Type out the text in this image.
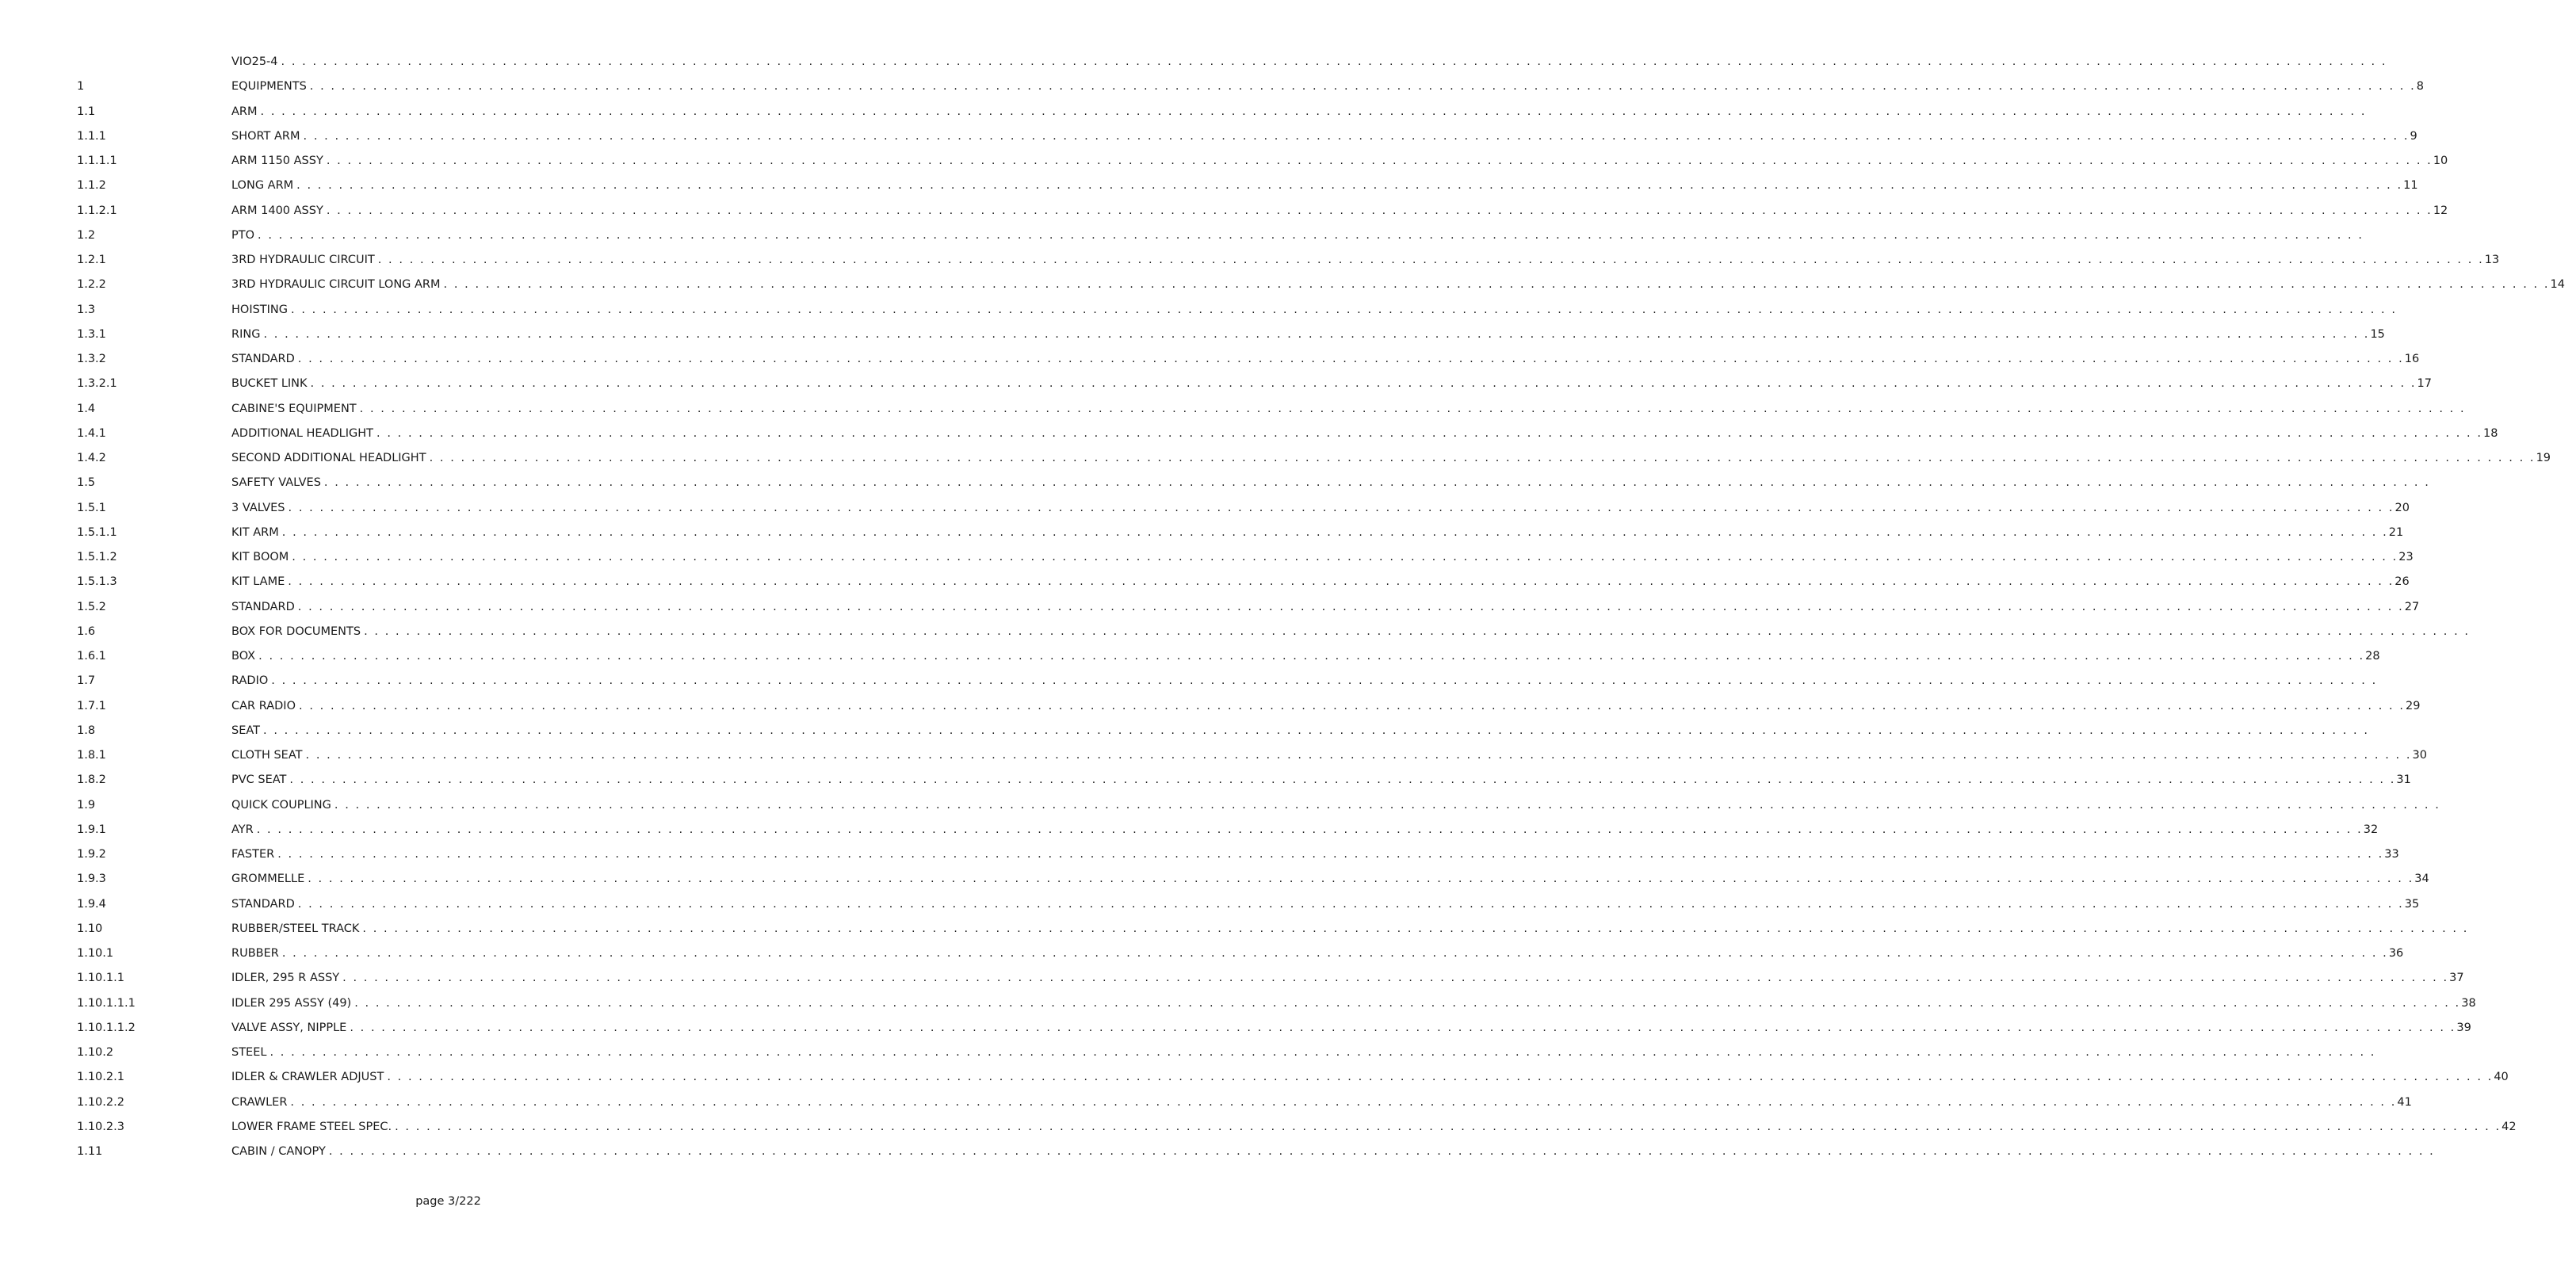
VIO25-4 . . . . . . . . . . . . . . . . . . . . . . . . . . . . . . . . . . . . . . . . . . . . . . . . . . . . . . . . . . . . . . . . . . . . . . . . . . . . . . . . . . . . . . . . . . . . . . . . . . . . . . . . . . . . . . . . . . . . . . . . . . . . . . . . . . . . . . . . . . . . . . . . . . . . . . . . . . . . . . . . . . . . . . . . . . . . . . . . . . . . . . . . . . . . . . . . . . . . . . . .
1	EQUIPMENTS . . . . . . . . . . . . . . . . . . . . . . . . . . . . . . . . . . . . . . . . . . . . . . . . . . . . . . . . . . . . . . . . . . . . . . . . . . . . . . . . . . . . . . . . . . . . . . . . . . . . . . . . . . . . . . . . . . . . . . . . . . . . . . . . . . . . . . . . . . . . . . . . . . . . . . . . . . . . . . . . . . . . . . . . . . . . . . . . . . . . . . . . . . . . . . . . . . . . . . . . 8
1.1	ARM . . . . . . . . . . . . . . . . . . . . . . . . . . . . . . . . . . . . . . . . . . . . . . . . . . . . . . . . . . . . . . . . . . . . . . . . . . . . . . . . . . . . . . . . . . . . . . . . . . . . . . . . . . . . . . . . . . . . . . . . . . . . . . . . . . . . . . . . . . . . . . . . . . . . . . . . . . . . . . . . . . . . . . . . . . . . . . . . . . . . . . . . . . . . . . . . . . . . . . . .
1.1.1	SHORT ARM . . . . . . . . . . . . . . . . . . . . . . . . . . . . . . . . . . . . . . . . . . . . . . . . . . . . . . . . . . . . . . . . . . . . . . . . . . . . . . . . . . . . . . . . . . . . . . . . . . . . . . . . . . . . . . . . . . . . . . . . . . . . . . . . . . . . . . . . . . . . . . . . . . . . . . . . . . . . . . . . . . . . . . . . . . . . . . . . . . . . . . . . . . . . . . . . . . . . . . . . 9
1.1.1.1	ARM 1150 ASSY . . . . . . . . . . . . . . . . . . . . . . . . . . . . . . . . . . . . . . . . . . . . . . . . . . . . . . . . . . . . . . . . . . . . . . . . . . . . . . . . . . . . . . . . . . . . . . . . . . . . . . . . . . . . . . . . . . . . . . . . . . . . . . . . . . . . . . . . . . . . . . . . . . . . . . . . . . . . . . . . . . . . . . . . . . . . . . . . . . . . . . . . . . . . . . . . . . . . . . . . 10
1.1.2	LONG ARM . . . . . . . . . . . . . . . . . . . . . . . . . . . . . . . . . . . . . . . . . . . . . . . . . . . . . . . . . . . . . . . . . . . . . . . . . . . . . . . . . . . . . . . . . . . . . . . . . . . . . . . . . . . . . . . . . . . . . . . . . . . . . . . . . . . . . . . . . . . . . . . . . . . . . . . . . . . . . . . . . . . . . . . . . . . . . . . . . . . . . . . . . . . . . . . . . . . . . . . . 11
1.1.2.1	ARM 1400 ASSY . . . . . . . . . . . . . . . . . . . . . . . . . . . . . . . . . . . . . . . . . . . . . . . . . . . . . . . . . . . . . . . . . . . . . . . . . . . . . . . . . . . . . . . . . . . . . . . . . . . . . . . . . . . . . . . . . . . . . . . . . . . . . . . . . . . . . . . . . . . . . . . . . . . . . . . . . . . . . . . . . . . . . . . . . . . . . . . . . . . . . . . . . . . . . . . . . . . . . . . . 12
1.2	PTO . . . . . . . . . . . . . . . . . . . . . . . . . . . . . . . . . . . . . . . . . . . . . . . . . . . . . . . . . . . . . . . . . . . . . . . . . . . . . . . . . . . . . . . . . . . . . . . . . . . . . . . . . . . . . . . . . . . . . . . . . . . . . . . . . . . . . . . . . . . . . . . . . . . . . . . . . . . . . . . . . . . . . . . . . . . . . . . . . . . . . . . . . . . . . . . . . . . . . . . .
1.2.1	3RD HYDRAULIC CIRCUIT . . . . . . . . . . . . . . . . . . . . . . . . . . . . . . . . . . . . . . . . . . . . . . . . . . . . . . . . . . . . . . . . . . . . . . . . . . . . . . . . . . . . . . . . . . . . . . . . . . . . . . . . . . . . . . . . . . . . . . . . . . . . . . . . . . . . . . . . . . . . . . . . . . . . . . . . . . . . . . . . . . . . . . . . . . . . . . . . . . . . . . . . . . . . . . . . . . . . . . . . 13
1.2.2	3RD HYDRAULIC CIRCUIT LONG ARM . . . . . . . . . . . . . . . . . . . . . . . . . . . . . . . . . . . . . . . . . . . . . . . . . . . . . . . . . . . . . . . . . . . . . . . . . . . . . . . . . . . . . . . . . . . . . . . . . . . . . . . . . . . . . . . . . . . . . . . . . . . . . . . . . . . . . . . . . . . . . . . . . . . . . . . . . . . . . . . . . . . . . . . . . . . . . . . . . . . . . . . . . . . . . . . . . . . . . . . . 14
1.3	HOISTING . . . . . . . . . . . . . . . . . . . . . . . . . . . . . . . . . . . . . . . . . . . . . . . . . . . . . . . . . . . . . . . . . . . . . . . . . . . . . . . . . . . . . . . . . . . . . . . . . . . . . . . . . . . . . . . . . . . . . . . . . . . . . . . . . . . . . . . . . . . . . . . . . . . . . . . . . . . . . . . . . . . . . . . . . . . . . . . . . . . . . . . . . . . . . . . . . . . . . . . .
1.3.1	RING . . . . . . . . . . . . . . . . . . . . . . . . . . . . . . . . . . . . . . . . . . . . . . . . . . . . . . . . . . . . . . . . . . . . . . . . . . . . . . . . . . . . . . . . . . . . . . . . . . . . . . . . . . . . . . . . . . . . . . . . . . . . . . . . . . . . . . . . . . . . . . . . . . . . . . . . . . . . . . . . . . . . . . . . . . . . . . . . . . . . . . . . . . . . . . . . . . . . . . . . 15
1.3.2	STANDARD . . . . . . . . . . . . . . . . . . . . . . . . . . . . . . . . . . . . . . . . . . . . . . . . . . . . . . . . . . . . . . . . . . . . . . . . . . . . . . . . . . . . . . . . . . . . . . . . . . . . . . . . . . . . . . . . . . . . . . . . . . . . . . . . . . . . . . . . . . . . . . . . . . . . . . . . . . . . . . . . . . . . . . . . . . . . . . . . . . . . . . . . . . . . . . . . . . . . . . . . 16
1.3.2.1	BUCKET LINK . . . . . . . . . . . . . . . . . . . . . . . . . . . . . . . . . . . . . . . . . . . . . . . . . . . . . . . . . . . . . . . . . . . . . . . . . . . . . . . . . . . . . . . . . . . . . . . . . . . . . . . . . . . . . . . . . . . . . . . . . . . . . . . . . . . . . . . . . . . . . . . . . . . . . . . . . . . . . . . . . . . . . . . . . . . . . . . . . . . . . . . . . . . . . . . . . . . . . . . . 17
1.4	CABINE'S EQUIPMENT . . . . . . . . . . . . . . . . . . . . . . . . . . . . . . . . . . . . . . . . . . . . . . . . . . . . . . . . . . . . . . . . . . . . . . . . . . . . . . . . . . . . . . . . . . . . . . . . . . . . . . . . . . . . . . . . . . . . . . . . . . . . . . . . . . . . . . . . . . . . . . . . . . . . . . . . . . . . . . . . . . . . . . . . . . . . . . . . . . . . . . . . . . . . . . . . . . . . . . . .
1.4.1	ADDITIONAL HEADLIGHT . . . . . . . . . . . . . . . . . . . . . . . . . . . . . . . . . . . . . . . . . . . . . . . . . . . . . . . . . . . . . . . . . . . . . . . . . . . . . . . . . . . . . . . . . . . . . . . . . . . . . . . . . . . . . . . . . . . . . . . . . . . . . . . . . . . . . . . . . . . . . . . . . . . . . . . . . . . . . . . . . . . . . . . . . . . . . . . . . . . . . . . . . . . . . . . . . . . . . . . . 18
1.4.2	SECOND ADDITIONAL HEADLIGHT . . . . . . . . . . . . . . . . . . . . . . . . . . . . . . . . . . . . . . . . . . . . . . . . . . . . . . . . . . . . . . . . . . . . . . . . . . . . . . . . . . . . . . . . . . . . . . . . . . . . . . . . . . . . . . . . . . . . . . . . . . . . . . . . . . . . . . . . . . . . . . . . . . . . . . . . . . . . . . . . . . . . . . . . . . . . . . . . . . . . . . . . . . . . . . . . . . . . . . . . 19
1.5	SAFETY VALVES . . . . . . . . . . . . . . . . . . . . . . . . . . . . . . . . . . . . . . . . . . . . . . . . . . . . . . . . . . . . . . . . . . . . . . . . . . . . . . . . . . . . . . . . . . . . . . . . . . . . . . . . . . . . . . . . . . . . . . . . . . . . . . . . . . . . . . . . . . . . . . . . . . . . . . . . . . . . . . . . . . . . . . . . . . . . . . . . . . . . . . . . . . . . . . . . . . . . . . . .
1.5.1	3 VALVES . . . . . . . . . . . . . . . . . . . . . . . . . . . . . . . . . . . . . . . . . . . . . . . . . . . . . . . . . . . . . . . . . . . . . . . . . . . . . . . . . . . . . . . . . . . . . . . . . . . . . . . . . . . . . . . . . . . . . . . . . . . . . . . . . . . . . . . . . . . . . . . . . . . . . . . . . . . . . . . . . . . . . . . . . . . . . . . . . . . . . . . . . . . . . . . . . . . . . . . . 20
1.5.1.1	KIT ARM . . . . . . . . . . . . . . . . . . . . . . . . . . . . . . . . . . . . . . . . . . . . . . . . . . . . . . . . . . . . . . . . . . . . . . . . . . . . . . . . . . . . . . . . . . . . . . . . . . . . . . . . . . . . . . . . . . . . . . . . . . . . . . . . . . . . . . . . . . . . . . . . . . . . . . . . . . . . . . . . . . . . . . . . . . . . . . . . . . . . . . . . . . . . . . . . . . . . . . . . 21
1.5.1.2	KIT BOOM . . . . . . . . . . . . . . . . . . . . . . . . . . . . . . . . . . . . . . . . . . . . . . . . . . . . . . . . . . . . . . . . . . . . . . . . . . . . . . . . . . . . . . . . . . . . . . . . . . . . . . . . . . . . . . . . . . . . . . . . . . . . . . . . . . . . . . . . . . . . . . . . . . . . . . . . . . . . . . . . . . . . . . . . . . . . . . . . . . . . . . . . . . . . . . . . . . . . . . . . 23
1.5.1.3	KIT LAME . . . . . . . . . . . . . . . . . . . . . . . . . . . . . . . . . . . . . . . . . . . . . . . . . . . . . . . . . . . . . . . . . . . . . . . . . . . . . . . . . . . . . . . . . . . . . . . . . . . . . . . . . . . . . . . . . . . . . . . . . . . . . . . . . . . . . . . . . . . . . . . . . . . . . . . . . . . . . . . . . . . . . . . . . . . . . . . . . . . . . . . . . . . . . . . . . . . . . . . . 26
1.5.2	STANDARD . . . . . . . . . . . . . . . . . . . . . . . . . . . . . . . . . . . . . . . . . . . . . . . . . . . . . . . . . . . . . . . . . . . . . . . . . . . . . . . . . . . . . . . . . . . . . . . . . . . . . . . . . . . . . . . . . . . . . . . . . . . . . . . . . . . . . . . . . . . . . . . . . . . . . . . . . . . . . . . . . . . . . . . . . . . . . . . . . . . . . . . . . . . . . . . . . . . . . . . . 27
1.6	BOX FOR DOCUMENTS . . . . . . . . . . . . . . . . . . . . . . . . . . . . . . . . . . . . . . . . . . . . . . . . . . . . . . . . . . . . . . . . . . . . . . . . . . . . . . . . . . . . . . . . . . . . . . . . . . . . . . . . . . . . . . . . . . . . . . . . . . . . . . . . . . . . . . . . . . . . . . . . . . . . . . . . . . . . . . . . . . . . . . . . . . . . . . . . . . . . . . . . . . . . . . . . . . . . . . . .
1.6.1	BOX . . . . . . . . . . . . . . . . . . . . . . . . . . . . . . . . . . . . . . . . . . . . . . . . . . . . . . . . . . . . . . . . . . . . . . . . . . . . . . . . . . . . . . . . . . . . . . . . . . . . . . . . . . . . . . . . . . . . . . . . . . . . . . . . . . . . . . . . . . . . . . . . . . . . . . . . . . . . . . . . . . . . . . . . . . . . . . . . . . . . . . . . . . . . . . . . . . . . . . . . 28
1.7	RADIO . . . . . . . . . . . . . . . . . . . . . . . . . . . . . . . . . . . . . . . . . . . . . . . . . . . . . . . . . . . . . . . . . . . . . . . . . . . . . . . . . . . . . . . . . . . . . . . . . . . . . . . . . . . . . . . . . . . . . . . . . . . . . . . . . . . . . . . . . . . . . . . . . . . . . . . . . . . . . . . . . . . . . . . . . . . . . . . . . . . . . . . . . . . . . . . . . . . . . . . .
1.7.1	CAR RADIO . . . . . . . . . . . . . . . . . . . . . . . . . . . . . . . . . . . . . . . . . . . . . . . . . . . . . . . . . . . . . . . . . . . . . . . . . . . . . . . . . . . . . . . . . . . . . . . . . . . . . . . . . . . . . . . . . . . . . . . . . . . . . . . . . . . . . . . . . . . . . . . . . . . . . . . . . . . . . . . . . . . . . . . . . . . . . . . . . . . . . . . . . . . . . . . . . . . . . . . . 29
1.8	SEAT . . . . . . . . . . . . . . . . . . . . . . . . . . . . . . . . . . . . . . . . . . . . . . . . . . . . . . . . . . . . . . . . . . . . . . . . . . . . . . . . . . . . . . . . . . . . . . . . . . . . . . . . . . . . . . . . . . . . . . . . . . . . . . . . . . . . . . . . . . . . . . . . . . . . . . . . . . . . . . . . . . . . . . . . . . . . . . . . . . . . . . . . . . . . . . . . . . . . . . . .
1.8.1	CLOTH SEAT . . . . . . . . . . . . . . . . . . . . . . . . . . . . . . . . . . . . . . . . . . . . . . . . . . . . . . . . . . . . . . . . . . . . . . . . . . . . . . . . . . . . . . . . . . . . . . . . . . . . . . . . . . . . . . . . . . . . . . . . . . . . . . . . . . . . . . . . . . . . . . . . . . . . . . . . . . . . . . . . . . . . . . . . . . . . . . . . . . . . . . . . . . . . . . . . . . . . . . . . 30
1.8.2	PVC SEAT . . . . . . . . . . . . . . . . . . . . . . . . . . . . . . . . . . . . . . . . . . . . . . . . . . . . . . . . . . . . . . . . . . . . . . . . . . . . . . . . . . . . . . . . . . . . . . . . . . . . . . . . . . . . . . . . . . . . . . . . . . . . . . . . . . . . . . . . . . . . . . . . . . . . . . . . . . . . . . . . . . . . . . . . . . . . . . . . . . . . . . . . . . . . . . . . . . . . . . . . 31
1.9	QUICK COUPLING . . . . . . . . . . . . . . . . . . . . . . . . . . . . . . . . . . . . . . . . . . . . . . . . . . . . . . . . . . . . . . . . . . . . . . . . . . . . . . . . . . . . . . . . . . . . . . . . . . . . . . . . . . . . . . . . . . . . . . . . . . . . . . . . . . . . . . . . . . . . . . . . . . . . . . . . . . . . . . . . . . . . . . . . . . . . . . . . . . . . . . . . . . . . . . . . . . . . . . . .
1.9.1	AYR . . . . . . . . . . . . . . . . . . . . . . . . . . . . . . . . . . . . . . . . . . . . . . . . . . . . . . . . . . . . . . . . . . . . . . . . . . . . . . . . . . . . . . . . . . . . . . . . . . . . . . . . . . . . . . . . . . . . . . . . . . . . . . . . . . . . . . . . . . . . . . . . . . . . . . . . . . . . . . . . . . . . . . . . . . . . . . . . . . . . . . . . . . . . . . . . . . . . . . . . 32
1.9.2	FASTER . . . . . . . . . . . . . . . . . . . . . . . . . . . . . . . . . . . . . . . . . . . . . . . . . . . . . . . . . . . . . . . . . . . . . . . . . . . . . . . . . . . . . . . . . . . . . . . . . . . . . . . . . . . . . . . . . . . . . . . . . . . . . . . . . . . . . . . . . . . . . . . . . . . . . . . . . . . . . . . . . . . . . . . . . . . . . . . . . . . . . . . . . . . . . . . . . . . . . . . . 33
1.9.3	GROMMELLE . . . . . . . . . . . . . . . . . . . . . . . . . . . . . . . . . . . . . . . . . . . . . . . . . . . . . . . . . . . . . . . . . . . . . . . . . . . . . . . . . . . . . . . . . . . . . . . . . . . . . . . . . . . . . . . . . . . . . . . . . . . . . . . . . . . . . . . . . . . . . . . . . . . . . . . . . . . . . . . . . . . . . . . . . . . . . . . . . . . . . . . . . . . . . . . . . . . . . . . . 34
1.9.4	STANDARD . . . . . . . . . . . . . . . . . . . . . . . . . . . . . . . . . . . . . . . . . . . . . . . . . . . . . . . . . . . . . . . . . . . . . . . . . . . . . . . . . . . . . . . . . . . . . . . . . . . . . . . . . . . . . . . . . . . . . . . . . . . . . . . . . . . . . . . . . . . . . . . . . . . . . . . . . . . . . . . . . . . . . . . . . . . . . . . . . . . . . . . . . . . . . . . . . . . . . . . . 35
1.10	RUBBER/STEEL TRACK . . . . . . . . . . . . . . . . . . . . . . . . . . . . . . . . . . . . . . . . . . . . . . . . . . . . . . . . . . . . . . . . . . . . . . . . . . . . . . . . . . . . . . . . . . . . . . . . . . . . . . . . . . . . . . . . . . . . . . . . . . . . . . . . . . . . . . . . . . . . . . . . . . . . . . . . . . . . . . . . . . . . . . . . . . . . . . . . . . . . . . . . . . . . . . . . . . . . . . . .
1.10.1	RUBBER . . . . . . . . . . . . . . . . . . . . . . . . . . . . . . . . . . . . . . . . . . . . . . . . . . . . . . . . . . . . . . . . . . . . . . . . . . . . . . . . . . . . . . . . . . . . . . . . . . . . . . . . . . . . . . . . . . . . . . . . . . . . . . . . . . . . . . . . . . . . . . . . . . . . . . . . . . . . . . . . . . . . . . . . . . . . . . . . . . . . . . . . . . . . . . . . . . . . . . . . 36
1.10.1.1	IDLER, 295 R ASSY . . . . . . . . . . . . . . . . . . . . . . . . . . . . . . . . . . . . . . . . . . . . . . . . . . . . . . . . . . . . . . . . . . . . . . . . . . . . . . . . . . . . . . . . . . . . . . . . . . . . . . . . . . . . . . . . . . . . . . . . . . . . . . . . . . . . . . . . . . . . . . . . . . . . . . . . . . . . . . . . . . . . . . . . . . . . . . . . . . . . . . . . . . . . . . . . . . . . . . . . 37
1.10.1.1.1	IDLER 295 ASSY (49) . . . . . . . . . . . . . . . . . . . . . . . . . . . . . . . . . . . . . . . . . . . . . . . . . . . . . . . . . . . . . . . . . . . . . . . . . . . . . . . . . . . . . . . . . . . . . . . . . . . . . . . . . . . . . . . . . . . . . . . . . . . . . . . . . . . . . . . . . . . . . . . . . . . . . . . . . . . . . . . . . . . . . . . . . . . . . . . . . . . . . . . . . . . . . . . . . . . . . . . . 38
1.10.1.1.2	VALVE ASSY, NIPPLE . . . . . . . . . . . . . . . . . . . . . . . . . . . . . . . . . . . . . . . . . . . . . . . . . . . . . . . . . . . . . . . . . . . . . . . . . . . . . . . . . . . . . . . . . . . . . . . . . . . . . . . . . . . . . . . . . . . . . . . . . . . . . . . . . . . . . . . . . . . . . . . . . . . . . . . . . . . . . . . . . . . . . . . . . . . . . . . . . . . . . . . . . . . . . . . . . . . . . . . . 39
1.10.2	STEEL . . . . . . . . . . . . . . . . . . . . . . . . . . . . . . . . . . . . . . . . . . . . . . . . . . . . . . . . . . . . . . . . . . . . . . . . . . . . . . . . . . . . . . . . . . . . . . . . . . . . . . . . . . . . . . . . . . . . . . . . . . . . . . . . . . . . . . . . . . . . . . . . . . . . . . . . . . . . . . . . . . . . . . . . . . . . . . . . . . . . . . . . . . . . . . . . . . . . . . . .
1.10.2.1	IDLER & CRAWLER ADJUST . . . . . . . . . . . . . . . . . . . . . . . . . . . . . . . . . . . . . . . . . . . . . . . . . . . . . . . . . . . . . . . . . . . . . . . . . . . . . . . . . . . . . . . . . . . . . . . . . . . . . . . . . . . . . . . . . . . . . . . . . . . . . . . . . . . . . . . . . . . . . . . . . . . . . . . . . . . . . . . . . . . . . . . . . . . . . . . . . . . . . . . . . . . . . . . . . . . . . . . . 40
1.10.2.2	CRAWLER . . . . . . . . . . . . . . . . . . . . . . . . . . . . . . . . . . . . . . . . . . . . . . . . . . . . . . . . . . . . . . . . . . . . . . . . . . . . . . . . . . . . . . . . . . . . . . . . . . . . . . . . . . . . . . . . . . . . . . . . . . . . . . . . . . . . . . . . . . . . . . . . . . . . . . . . . . . . . . . . . . . . . . . . . . . . . . . . . . . . . . . . . . . . . . . . . . . . . . . . 41
1.10.2.3	LOWER FRAME STEEL SPEC. . . . . . . . . . . . . . . . . . . . . . . . . . . . . . . . . . . . . . . . . . . . . . . . . . . . . . . . . . . . . . . . . . . . . . . . . . . . . . . . . . . . . . . . . . . . . . . . . . . . . . . . . . . . . . . . . . . . . . . . . . . . . . . . . . . . . . . . . . . . . . . . . . . . . . . . . . . . . . . . . . . . . . . . . . . . . . . . . . . . . . . . . . . . . . . . . . . . . . . . . 42
1.11	CABIN / CANOPY . . . . . . . . . . . . . . . . . . . . . . . . . . . . . . . . . . . . . . . . . . . . . . . . . . . . . . . . . . . . . . . . . . . . . . . . . . . . . . . . . . . . . . . . . . . . . . . . . . . . . . . . . . . . . . . . . . . . . . . . . . . . . . . . . . . . . . . . . . . . . . . . . . . . . . . . . . . . . . . . . . . . . . . . . . . . . . . . . . . . . . . . . . . . . . . . . . . . . . . .
page 3/222
